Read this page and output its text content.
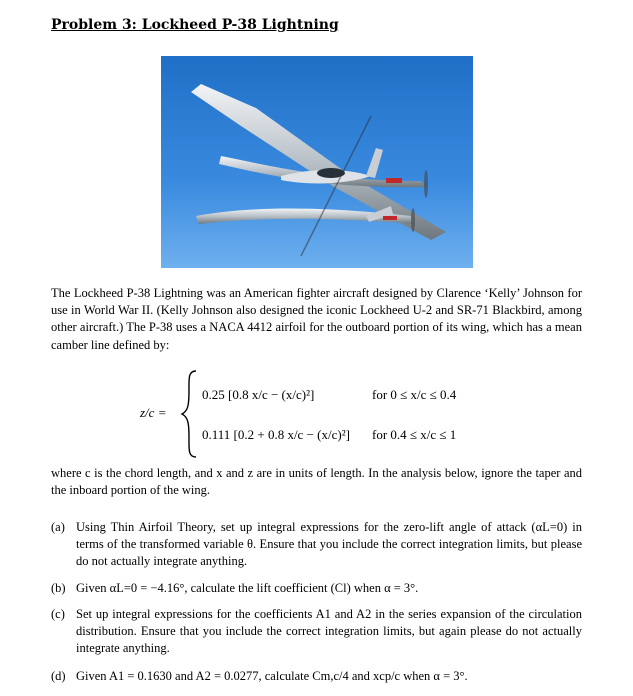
Problem 3: Lockheed P-38 Lightning
The Lockheed P-38 Lightning was an American fighter aircraft designed by Clarence ‘Kelly’ Johnson for use in World War II. (Kelly Johnson also designed the iconic Lockheed U-2 and SR-71 Blackbird, among other aircraft.) The P-38 uses a NACA 4412 airfoil for the outboard portion of its wing, which has a mean camber line defined by:
z/c =
0.25 [0.8 x/c − (x/c)²]	for 0 ≤ x/c ≤ 0.4
0.111 [0.2 + 0.8 x/c − (x/c)²] for 0.4 ≤ x/c ≤ 1
where c is the chord length, and x and z are in units of length. In the analysis below, ignore the taper and the inboard portion of the wing.
(a) Using Thin Airfoil Theory, set up integral expressions for the zero-lift angle of attack (αL=0) in terms of the transformed variable θ. Ensure that you include the correct integration limits, but please do not actually integrate anything.
(b) Given αL=0 = −4.16°, calculate the lift coefficient (Cl) when α = 3°.
(c) Set up integral expressions for the coefficients A1 and A2 in the series expansion of the circulation distribution. Ensure that you include the correct integration limits, but again please do not actually integrate anything.
(d) Given A1 = 0.1630 and A2 = 0.0277, calculate Cm,c/4 and xcp/c when α = 3°.
